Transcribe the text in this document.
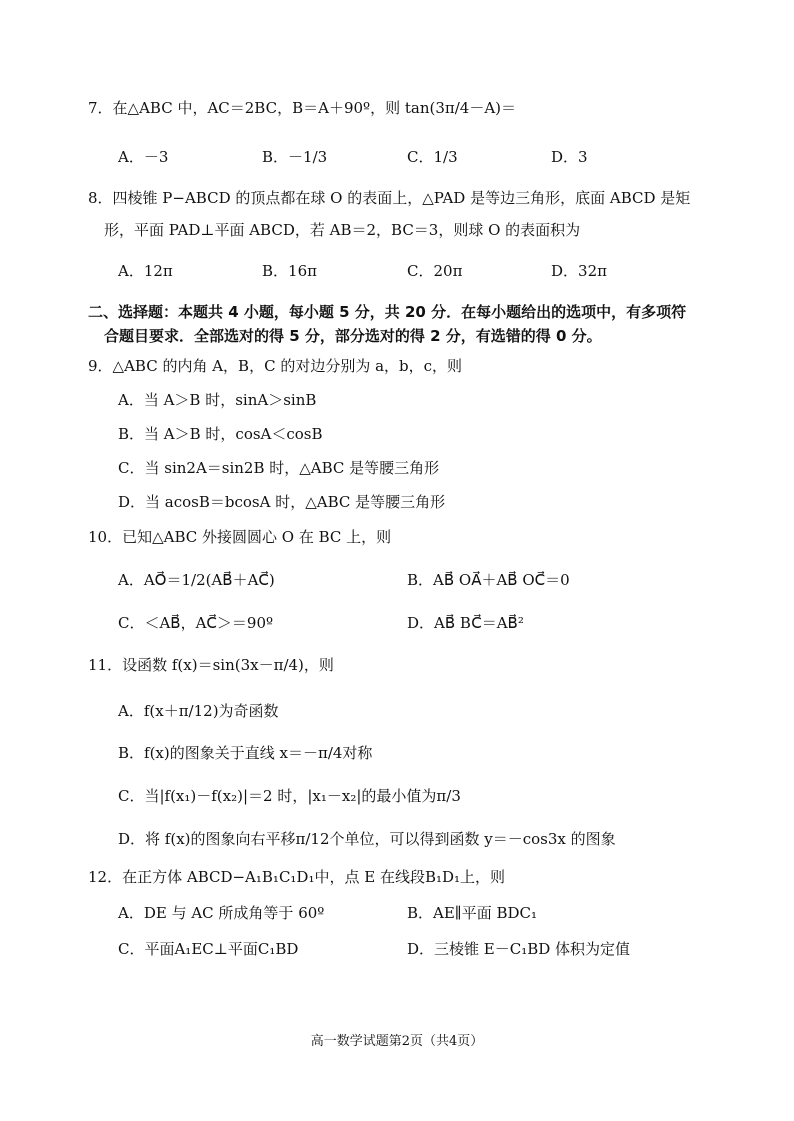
7．在△ABC 中，AC＝2BC，B＝A＋90º，则 tan(3π/4－A)＝
A．－3	B．－1/3	C．1/3	D．3
8．四棱锥 P−ABCD 的顶点都在球 O 的表面上，△PAD 是等边三角形，底面 ABCD 是矩
形，平面 PAD⊥平面 ABCD，若 AB＝2，BC＝3，则球 O 的表面积为
A．12π	B．16π	C．20π	D．32π
二、选择题：本题共 4 小题，每小题 5 分，共 20 分．在每小题给出的选项中，有多项符
合题目要求．全部选对的得 5 分，部分选对的得 2 分，有选错的得 0 分。
9．△ABC 的内角 A，B，C 的对边分别为 a，b，c，则
A．当 A＞B 时，sinA＞sinB
B．当 A＞B 时，cosA＜cosB
C．当 sin2A＝sin2B 时，△ABC 是等腰三角形
D．当 acosB＝bcosA 时，△ABC 是等腰三角形
10．已知△ABC 外接圆圆心 O 在 BC 上，则
A．AO⃗＝1/2(AB⃗＋AC⃗)	B．AB⃗ OA⃗＋AB⃗ OC⃗＝0
C．＜AB⃗，AC⃗＞＝90º	D．AB⃗ BC⃗＝AB⃗²
11．设函数 f(x)＝sin(3x－π/4)，则
A．f(x＋π/12)为奇函数
B．f(x)的图象关于直线 x＝－π/4对称
C．当|f(x₁)－f(x₂)|＝2 时，|x₁－x₂|的最小值为π/3
D．将 f(x)的图象向右平移π/12个单位，可以得到函数 y＝－cos3x 的图象
12．在正方体 ABCD−A₁B₁C₁D₁中，点 E 在线段B₁D₁上，则
A．DE 与 AC 所成角等于 60º	B．AE∥平面 BDC₁
C．平面A₁EC⊥平面C₁BD	D．三棱锥 E－C₁BD 体积为定值
高一数学试题第2页（共4页）
